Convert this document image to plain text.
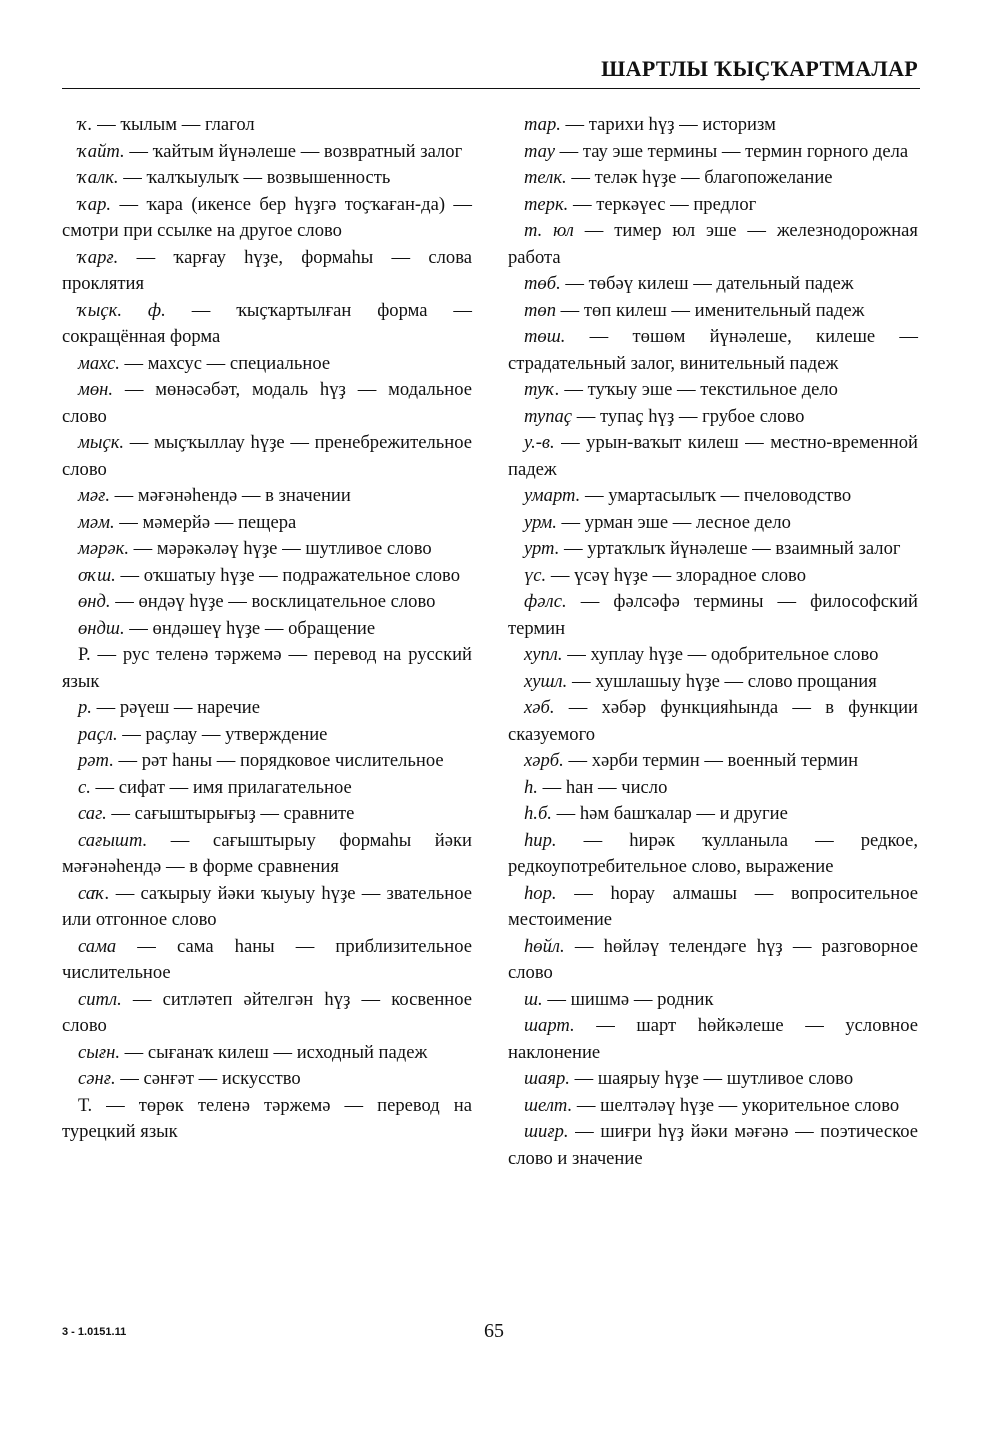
ШАРТЛЫ ҠЫҪҠАРТМАЛАР

ҡ. — ҡылым — глагол

ҡайт. — ҡайтым йүнәлеше — возвратный залог

ҡалк. — ҡалҡыулыҡ — возвышенность

ҡар. — ҡара (икенсе бер һүҙгә тоҫҡаған-да) — смотри при ссылке на другое слово

ҡарғ. — ҡарғау һүҙе, формаһы — слова проклятия

ҡыҫк. ф. — ҡыҫҡартылған форма — сокращённая форма

махс. — махсус — специальное

мөн. — мөнәсәбәт, модаль һүҙ — модальное слово

мыҫк. — мыҫҡыллау һүҙе — пренебрежительное слово

мәғ. — мәғәнәһендә — в значении

мәм. — мәмерйә — пещера

мәрәк. — мәрәкәләү һүҙе — шутливое слово

оҡш. — оҡшатыу һүҙе — подражательное слово

өнд. — өндәү һүҙе — восклицательное слово

өндш. — өндәшеү һүҙе — обращение

Р. — рус теленә тәржемә — перевод на русский язык

р. — рәүеш — наречие

раҫл. — раҫлау — утверждение

рәт. — рәт һаны — порядковое числительное

с. — сифат — имя прилагательное

саг. — сағыштырығыҙ — сравните

сағышт. — сағыштырыу формаһы йәки мәғәнәһендә — в форме сравнения

саҡ. — саҡырыу йәки ҡыуыу һүҙе — звательное или отгонное слово

сама — сама һаны — приблизительное числительное

ситл. — ситләтеп әйтелгән һүҙ — косвенное слово

сығн. — сығанаҡ килеш — исходный падеж

сәнғ. — сәнғәт — искусство

Т. — төрөк теленә тәржемә — перевод на турецкий язык

тар. — тарихи һүҙ — историзм

тау — тау эше термины — термин горного дела

телк. — теләк һүҙе — благопожелание

терк. — теркәүес — предлог

т. юл — тимер юл эше — железнодорожная работа

төб. — төбәү килеш — дательный падеж

төп — төп килеш — именительный падеж

төш. — төшөм йүнәлеше, килеше — страдательный залог, винительный падеж

туҡ. — туҡыу эше — текстильное дело

тупаҫ — тупаҫ һүҙ — грубое слово

у.-в. — урын-ваҡыт килеш — местно-временной падеж

умарт. — умартасылыҡ — пчеловодство

урм. — урман эше — лесное дело

урт. — уртаҡлыҡ йүнәлеше — взаимный залог

үс. — үсәү һүҙе — злорадное слово

фәлс. — фәлсәфә термины — философский термин

хупл. — хуплау һүҙе — одобрительное слово

хушл. — хушлашыу һүҙе — слово прощания

хәб. — хәбәр функцияһында — в функции сказуемого

хәрб. — хәрби термин — военный термин

һ. — һан — число

һ.б. — һәм башҡалар — и другие

һир. — һирәк ҡулланыла — редкое, редкоупотребительное слово, выражение

һор. — һорау алмашы — вопросительное местоимение

һөйл. — һөйләү телендәге һүҙ — разговорное слово

ш. — шишмә — родник

шарт. — шарт һөйкәлеше — условное наклонение

шаяр. — шаярыу һүҙе — шутливое слово

шелт. — шелтәләү һүҙе — укорительное слово

шиғр. — шиғри һүҙ йәки мәғәнә — поэтическое слово и значение

3 - 1.0151.11	65
